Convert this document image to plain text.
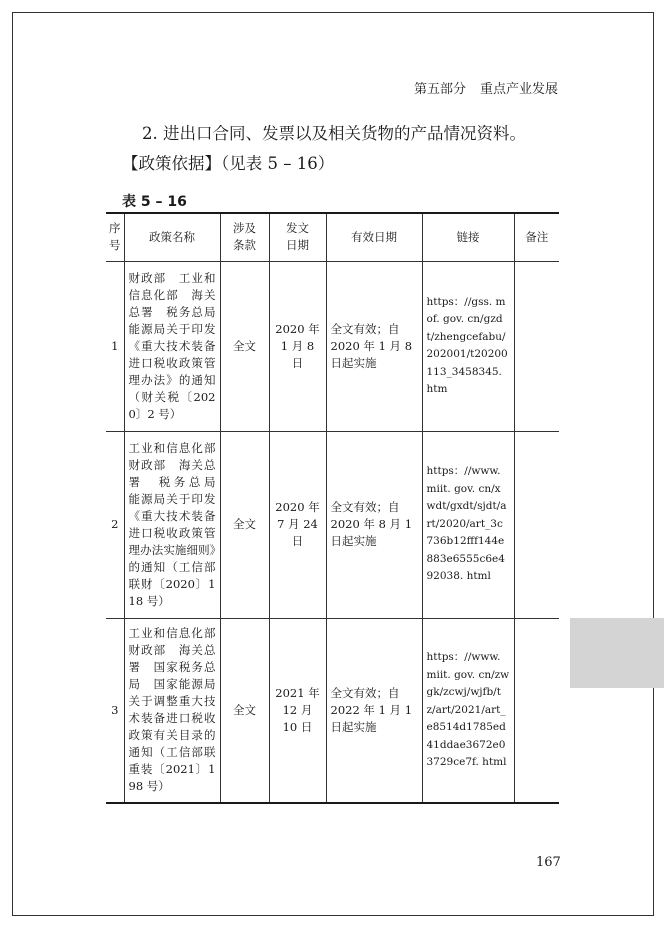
第五部分 重点产业发展
2. 进出口合同、发票以及相关货物的产品情况资料。
【政策依据】（见表 5 – 16）
表 5 – 16
序号	政策名称	涉及条款	发文日期	有效日期	链接	备注
1	财政部　工业和信息化部　海关总署　税务总局　能源局关于印发《重大技术装备进口税收政策管理办法》的通知（财关税〔2020〕2 号）	全文	2020 年 1 月 8 日	全文有效；自 2020 年 1 月 8 日起实施	https：//gss. mof. gov. cn/gzdt/zhengcefabu/202001/t20200113_3458345. htm	
2	工业和信息化部　财政部　海关总署　税务总局　能源局关于印发《重大技术装备进口税收政策管理办法实施细则》的通知（工信部联财〔2020〕118 号）	全文	2020 年 7 月 24 日	全文有效；自 2020 年 8 月 1 日起实施	https：//www. miit. gov. cn/xwdt/gxdt/sjdt/art/2020/art_3c736b12fff144e883e6555c6e492038. html	
3	工业和信息化部　财政部　海关总署　国家税务总局　国家能源局关于调整重大技术装备进口税收政策有关目录的通知（工信部联重装〔2021〕198 号）	全文	2021 年 12 月 10 日	全文有效；自 2022 年 1 月 1 日起实施	https：//www. miit. gov. cn/zwgk/zcwj/wjfb/tz/art/2021/art_e8514d1785ed41ddae3672e03729ce7f. html	
167
